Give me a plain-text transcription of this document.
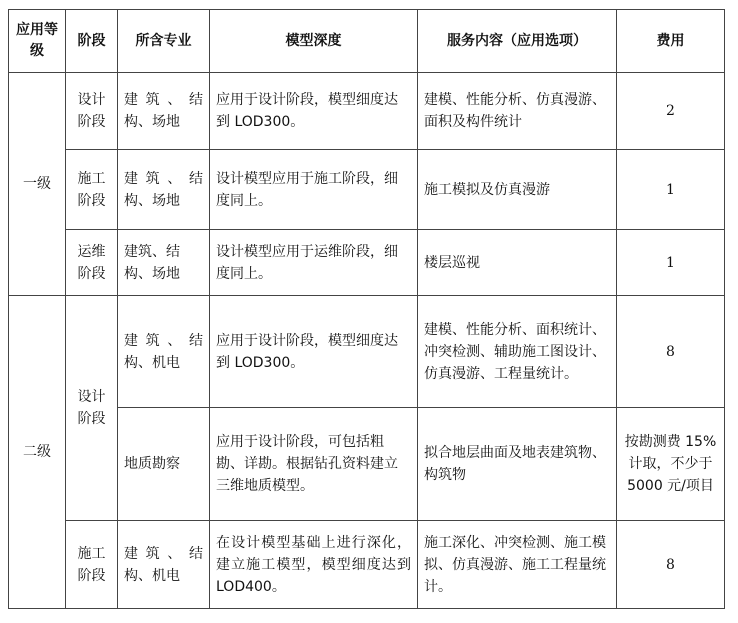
应用等级	阶段	所含专业	模型深度	服务内容（应用选项）	费用
一级	设计阶段	建 筑 、 结 构、场地	应用于设计阶段，模型细度达到 LOD300。	建模、性能分析、仿真漫游、面积及构件统计	2
	施工阶段	建 筑 、 结 构、场地	设计模型应用于施工阶段，细度同上。	施工模拟及仿真漫游	1
	运维阶段	建筑、结构、场地	设计模型应用于运维阶段，细度同上。	楼层巡视	1
二级	设计阶段	建 筑 、 结 构、机电	应用于设计阶段，模型细度达到 LOD300。	建模、性能分析、面积统计、冲突检测、辅助施工图设计、仿真漫游、工程量统计。	8
		地质勘察	应用于设计阶段，可包括粗勘、详勘。根据钻孔资料建立三维地质模型。	拟合地层曲面及地表建筑物、构筑物	按勘测费 15%计取，不少于 5000 元/项目
	施工阶段	建 筑 、 结 构、机电	在设计模型基础上进行深化，建立施工模型，模型细度达到 LOD400。	施工深化、冲突检测、施工模拟、仿真漫游、施工工程量统计。	8
